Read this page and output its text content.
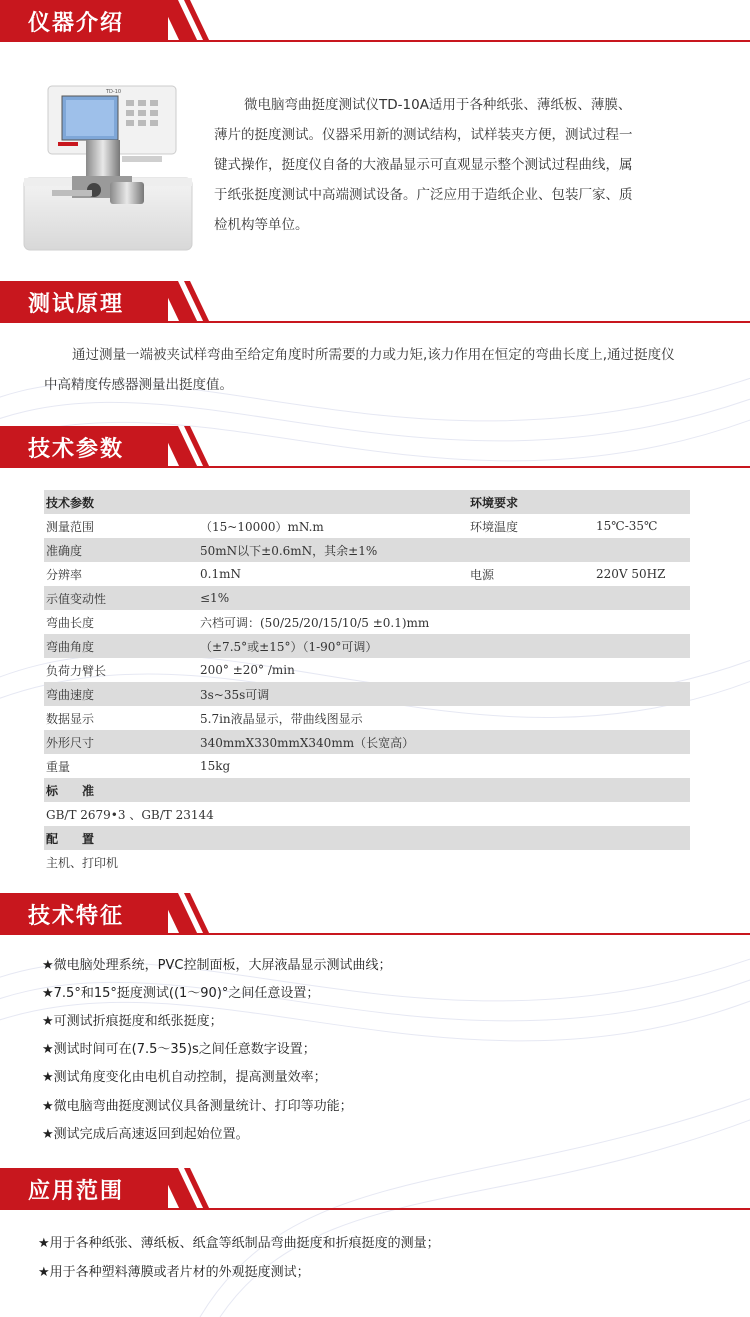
仪器介绍
TD-10
微电脑弯曲挺度测试仪TD-10A适用于各种纸张、薄纸板、薄膜、
薄片的挺度测试。仪器采用新的测试结构，试样装夹方便，测试过程一
键式操作，挺度仪自备的大液晶显示可直观显示整个测试过程曲线，属
于纸张挺度测试中高端测试设备。广泛应用于造纸企业、包装厂家、质
检机构等单位。
测试原理
通过测量一端被夹试样弯曲至给定角度时所需要的力或力矩,该力作用在恒定的弯曲长度上,通过挺度仪
中高精度传感器测量出挺度值。
技术参数
技术参数		环境要求	
测量范围	（15~10000）mN.m	环境温度	15℃-35℃
准确度	50mN以下±0.6mN，其余±1%		
分辨率	0.1mN	电源	220V 50HZ
示值变动性	≤1%		
弯曲长度	六档可调：(50/25/20/15/10/5 ±0.1)mm		
弯曲角度	（±7.5°或±15°）（1-90°可调）		
负荷力臂长	200° ±20° /min		
弯曲速度	3s~35s可调		
数据显示	5.7in液晶显示，带曲线图显示		
外形尺寸	340mmX330mmX340mm（长宽高）		
重量	15kg		
标　　准			
GB/T 2679•3 、GB/T 23144			
配　　置			
主机、打印机			
技术特征
★微电脑处理系统，PVC控制面板，大屏液晶显示测试曲线；
★7.5°和15°挺度测试((1～90)°之间任意设置；
★可测试折痕挺度和纸张挺度；
★测试时间可在(7.5～35)s之间任意数字设置；
★测试角度变化由电机自动控制，提高测量效率；
★微电脑弯曲挺度测试仪具备测量统计、打印等功能；
★测试完成后高速返回到起始位置。
应用范围
★用于各种纸张、薄纸板、纸盒等纸制品弯曲挺度和折痕挺度的测量；
★用于各种塑料薄膜或者片材的外观挺度测试；
